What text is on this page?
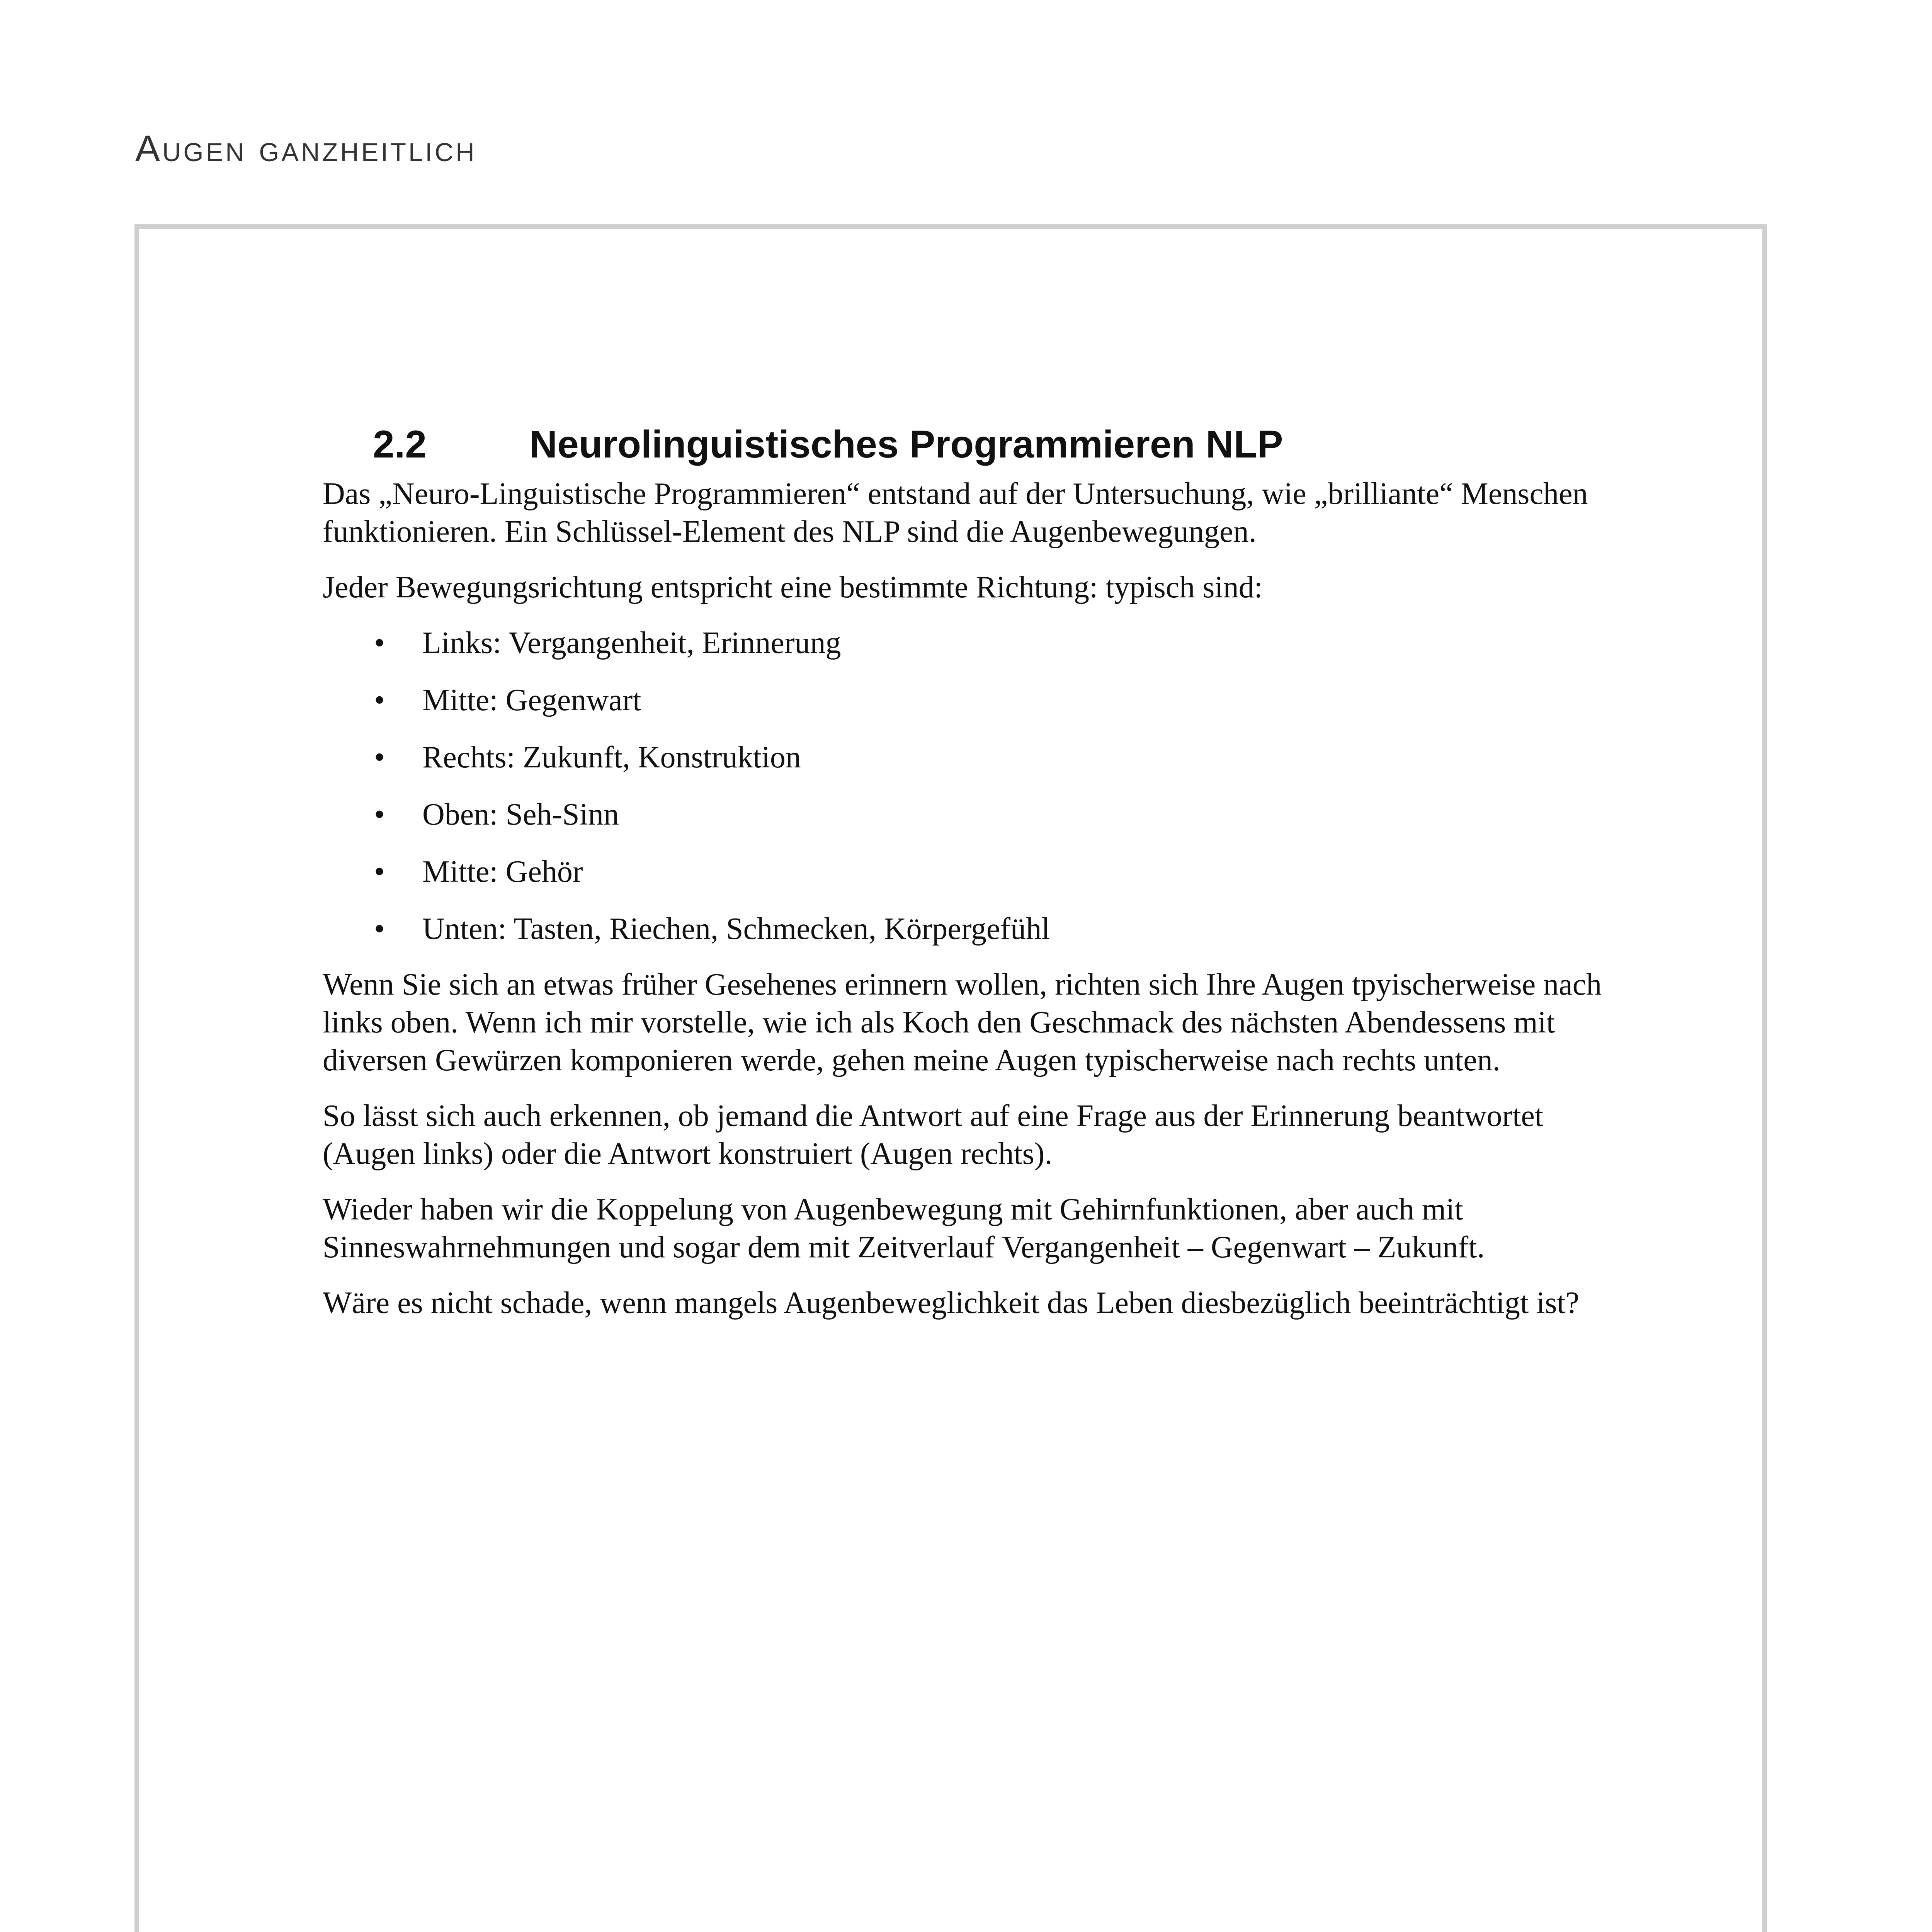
Augen ganzheitlich
2.2	Neurolinguistisches Programmieren NLP

Das „Neuro-Linguistische Programmieren“ entstand auf der Untersuchung, wie „brilliante“ Menschen funktionieren. Ein Schlüssel-Element des NLP sind die Augenbewegungen.

Jeder Bewegungsrichtung entspricht eine bestimmte Richtung: typisch sind:

• Links: Vergangenheit, Erinnerung
• Mitte: Gegenwart
• Rechts: Zukunft, Konstruktion
• Oben: Seh-Sinn
• Mitte: Gehör
• Unten: Tasten, Riechen, Schmecken, Körpergefühl

Wenn Sie sich an etwas früher Gesehenes erinnern wollen, richten sich Ihre Augen tpyischerweise nach links oben. Wenn ich mir vorstelle, wie ich als Koch den Geschmack des nächsten Abendessens mit diversen Gewürzen komponieren werde, gehen meine Augen typischerweise nach rechts unten.

So lässt sich auch erkennen, ob jemand die Antwort auf eine Frage aus der Erinnerung beantwortet (Augen links) oder die Antwort konstruiert (Augen rechts).

Wieder haben wir die Koppelung von Augenbewegung mit Gehirnfunktionen, aber auch mit Sinneswahrnehmungen und sogar dem mit Zeitverlauf Vergangenheit – Gegenwart – Zukunft.

Wäre es nicht schade, wenn mangels Augenbeweglichkeit das Leben diesbezüglich beeinträchtigt ist?
